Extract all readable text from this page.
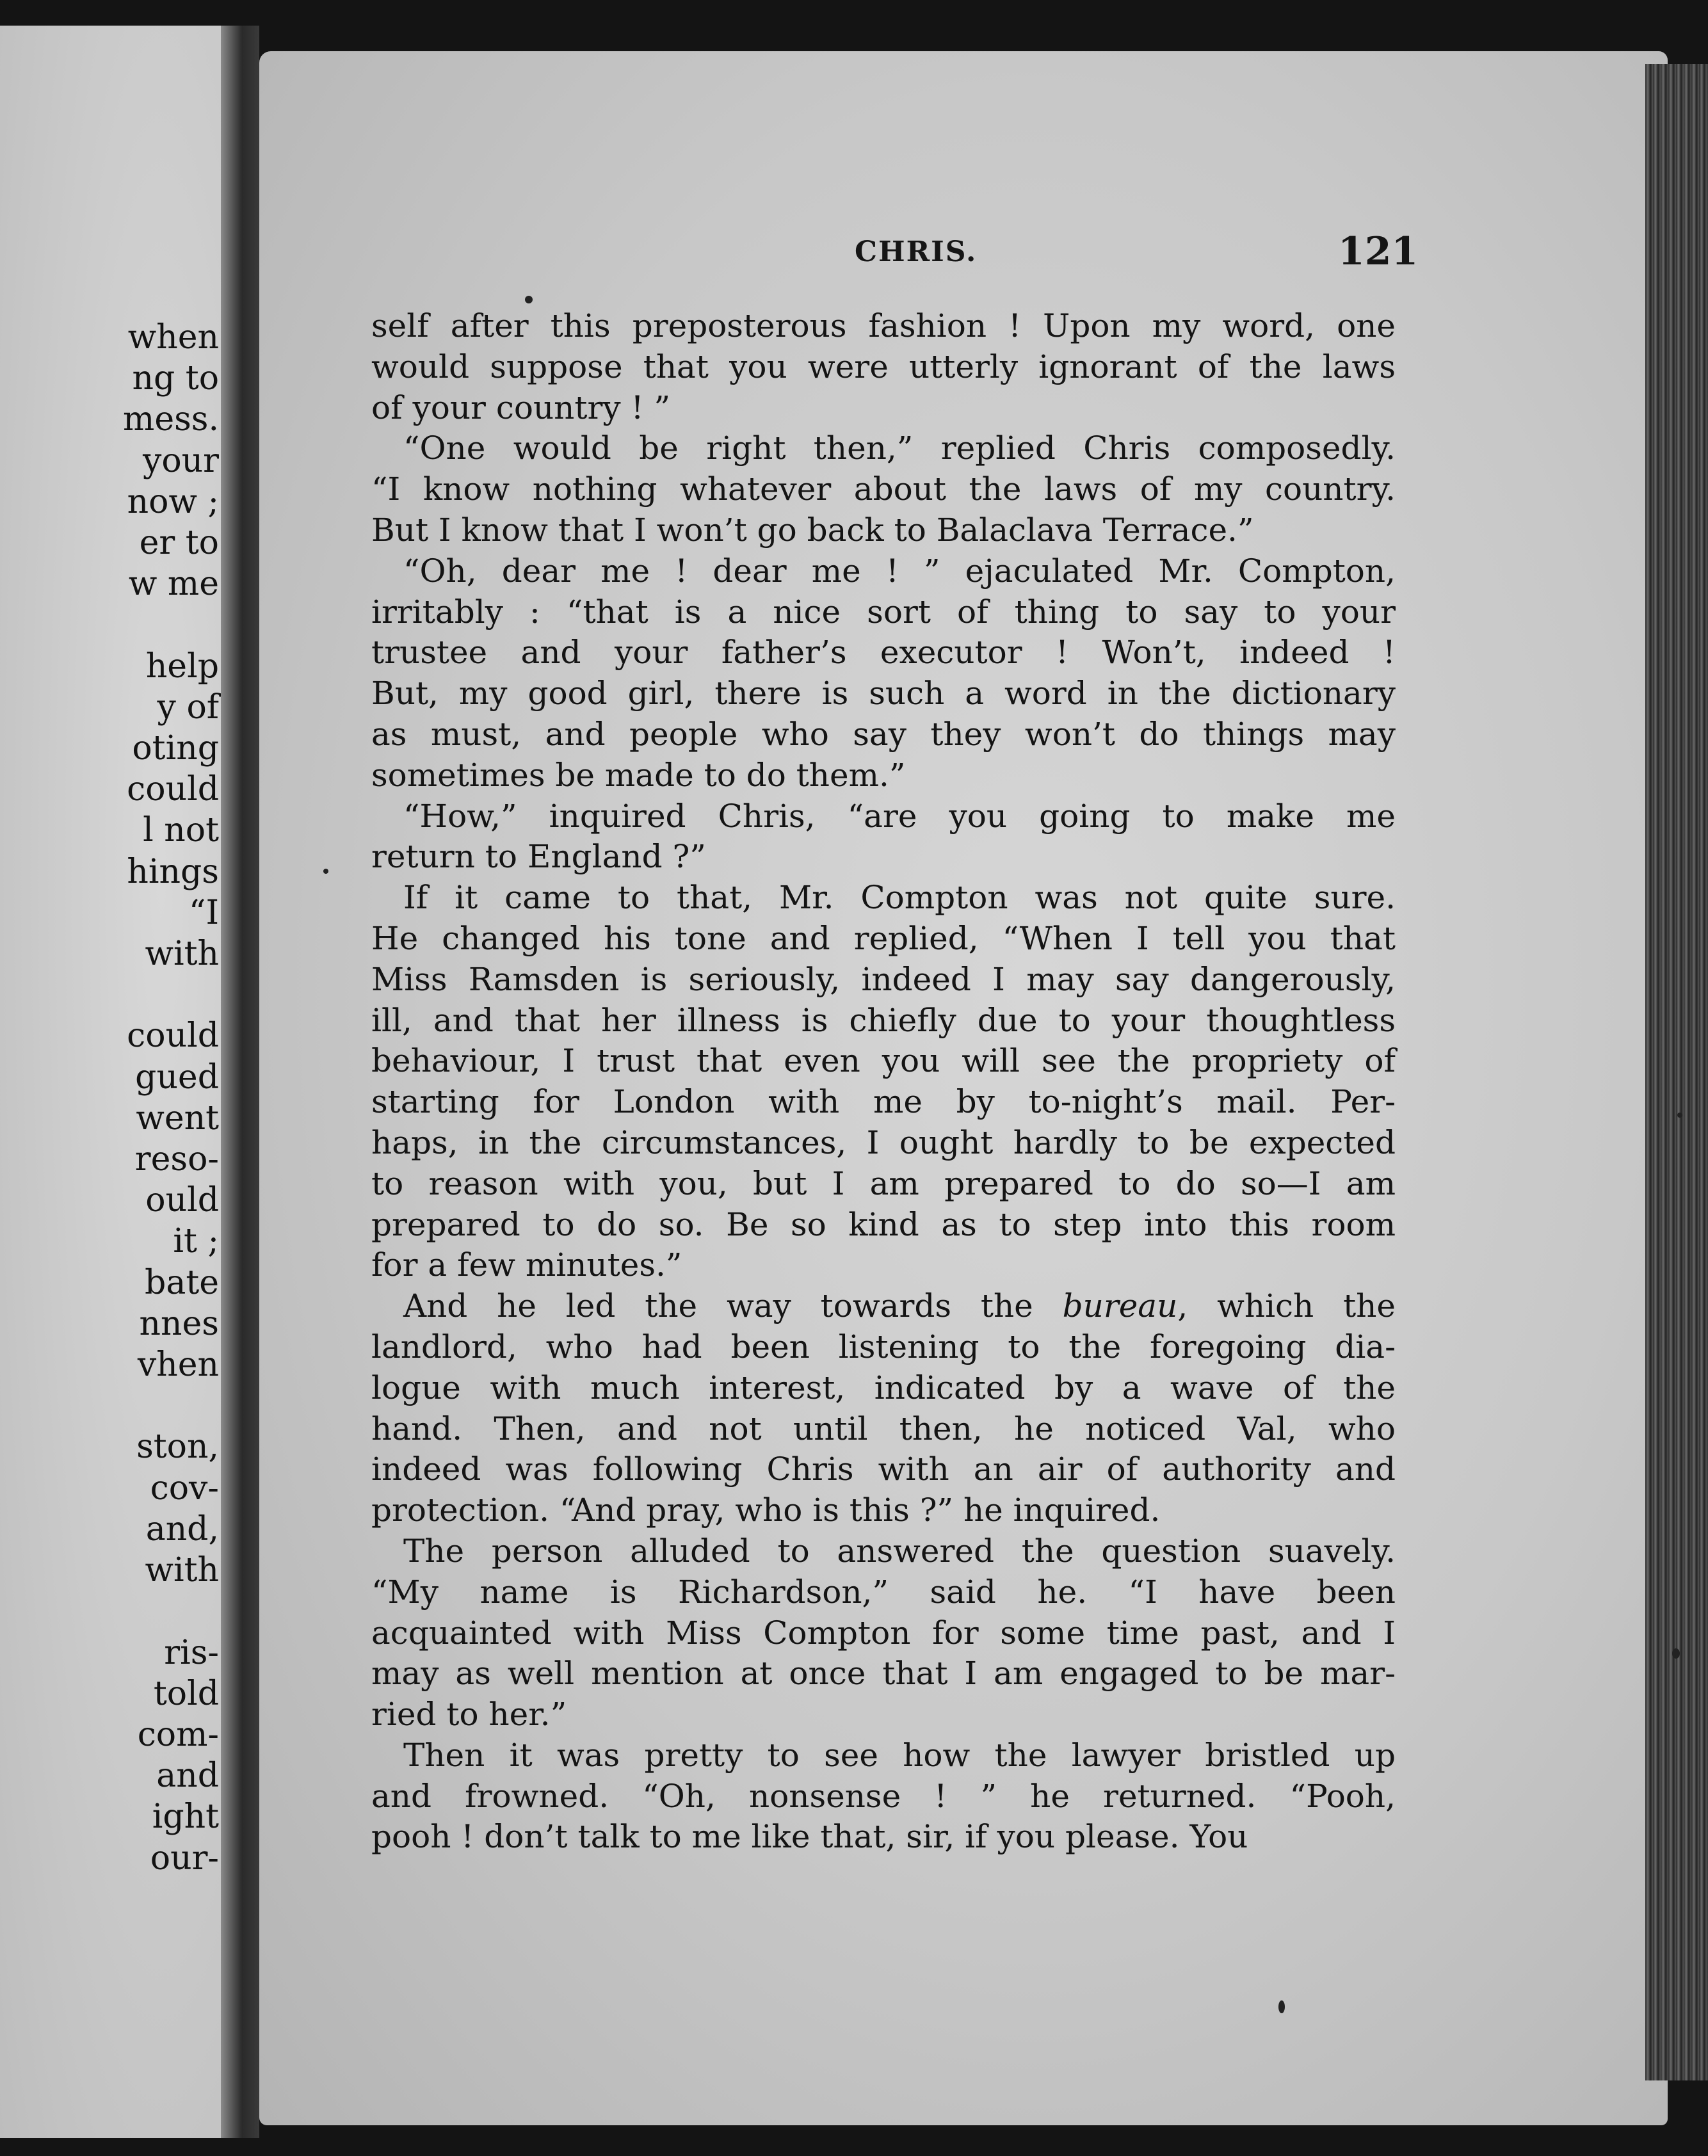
when
ng to
mess.
your
now ;
er to
w me

help
y of
oting
could
l not
hings
“I
with

could
gued
went
reso-
ould
it ;
bate
nnes
vhen

ston,
cov-
and,
with

ris-
told
com-
and
ight
our-
CHRIS.	121
self after this preposterous fashion ! Upon my word, one
would suppose that you were utterly ignorant of the laws
of your country ! ”
“One would be right then,” replied Chris composedly.
“I know nothing whatever about the laws of my country.
But I know that I won’t go back to Balaclava Terrace.”
“Oh, dear me ! dear me ! ” ejaculated Mr. Compton,
irritably : “that is a nice sort of thing to say to your
trustee and your father’s executor ! Won’t, indeed !
But, my good girl, there is such a word in the dictionary
as must, and people who say they won’t do things may
sometimes be made to do them.”
“How,” inquired Chris, “are you going to make me
return to England ?”
If it came to that, Mr. Compton was not quite sure.
He changed his tone and replied, “When I tell you that
Miss Ramsden is seriously, indeed I may say dangerously,
ill, and that her illness is chiefly due to your thoughtless
behaviour, I trust that even you will see the propriety of
starting for London with me by to-night’s mail. Per-
haps, in the circumstances, I ought hardly to be expected
to reason with you, but I am prepared to do so—I am
prepared to do so. Be so kind as to step into this room
for a few minutes.”
And he led the way towards the bureau, which the
landlord, who had been listening to the foregoing dia-
logue with much interest, indicated by a wave of the
hand. Then, and not until then, he noticed Val, who
indeed was following Chris with an air of authority and
protection. “And pray, who is this ?” he inquired.
The person alluded to answered the question suavely.
“My name is Richardson,” said he. “I have been
acquainted with Miss Compton for some time past, and I
may as well mention at once that I am engaged to be mar-
ried to her.”
Then it was pretty to see how the lawyer bristled up
and frowned. “Oh, nonsense ! ” he returned. “Pooh,
pooh ! don’t talk to me like that, sir, if you please. You
